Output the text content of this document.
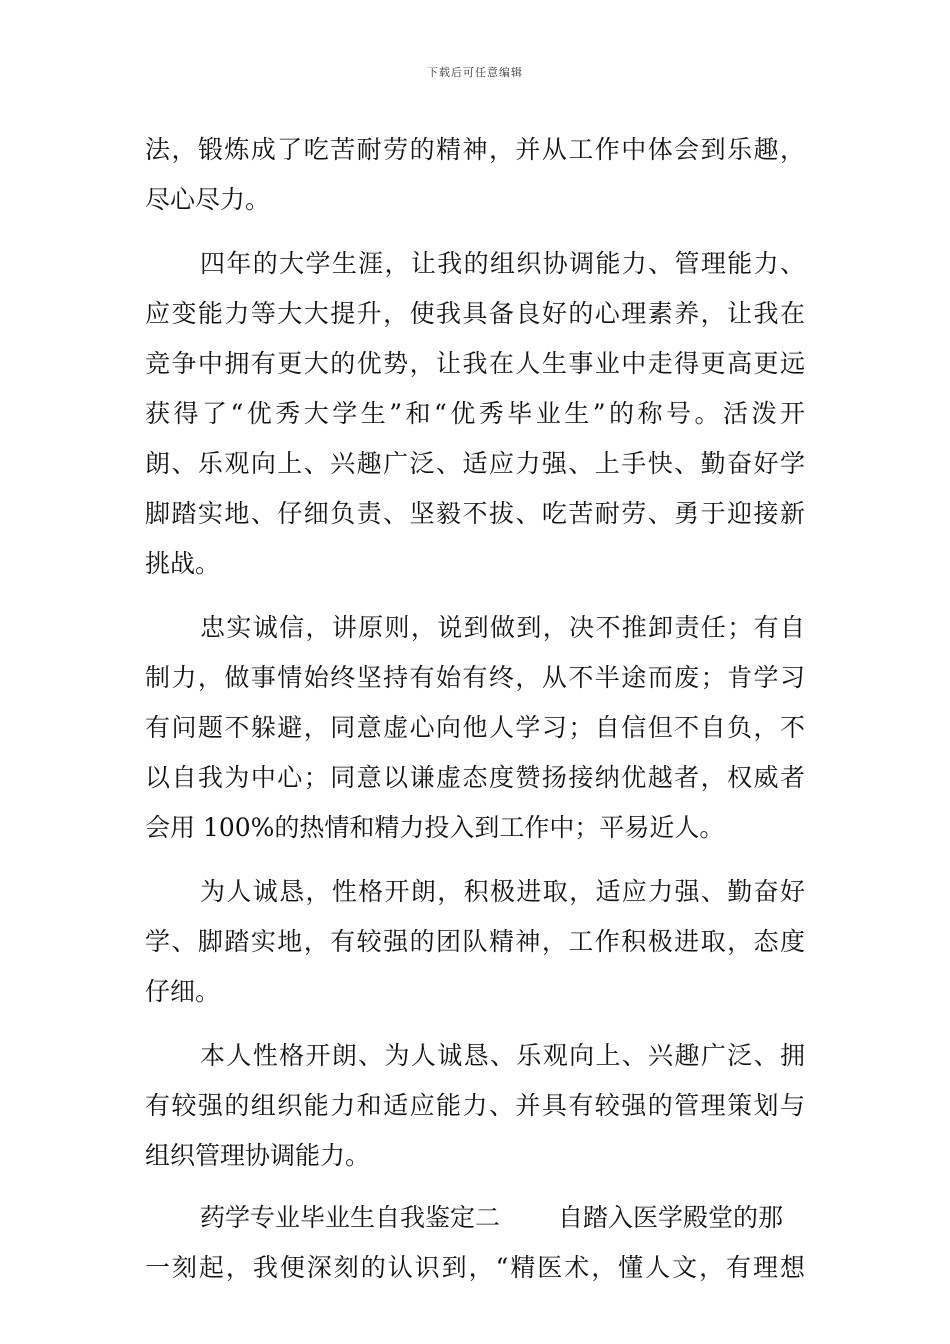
下载后可任意编辑
法，锻炼成了吃苦耐劳的精神，并从工作中体会到乐趣，
尽心尽力。
四年的大学生涯，让我的组织协调能力、管理能力、
应变能力等大大提升，使我具备良好的心理素养，让我在
竞争中拥有更大的优势，让我在人生事业中走得更高更远
获得了“优秀大学生”和“优秀毕业生”的称号。活泼开
朗、乐观向上、兴趣广泛、适应力强、上手快、勤奋好学
脚踏实地、仔细负责、坚毅不拔、吃苦耐劳、勇于迎接新
挑战。
忠实诚信，讲原则，说到做到，决不推卸责任；有自
制力，做事情始终坚持有始有终，从不半途而废；肯学习
有问题不躲避，同意虚心向他人学习；自信但不自负，不
以自我为中心；同意以谦虚态度赞扬接纳优越者，权威者
会用 100%的热情和精力投入到工作中；平易近人。
为人诚恳，性格开朗，积极进取，适应力强、勤奋好
学、脚踏实地，有较强的团队精神，工作积极进取，态度
仔细。
本人性格开朗、为人诚恳、乐观向上、兴趣广泛、拥
有较强的组织能力和适应能力、并具有较强的管理策划与
组织管理协调能力。
药学专业毕业生自我鉴定二 自踏入医学殿堂的那
一刻起，我便深刻的认识到，“精医术，懂人文，有理想
